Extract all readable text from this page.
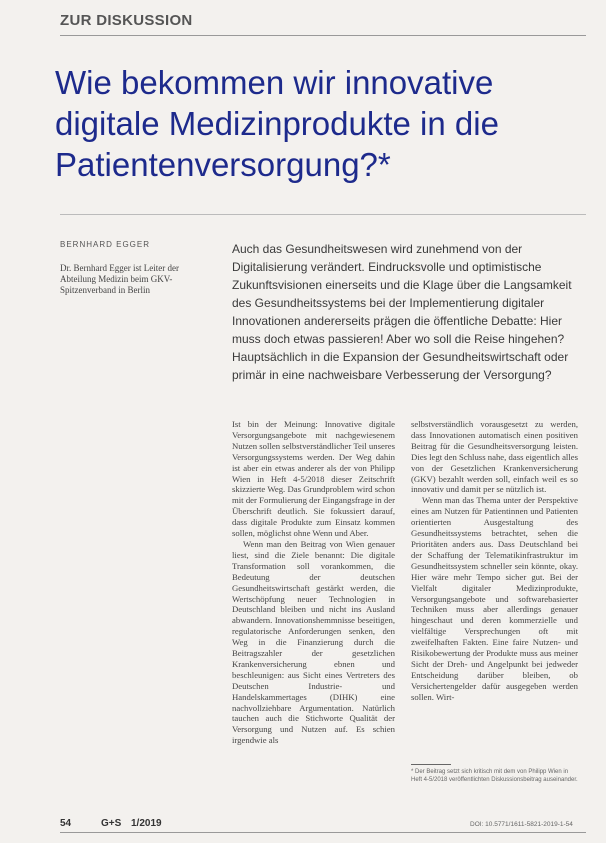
ZUR DISKUSSION
Wie bekommen wir innovative digitale Medizinprodukte in die Patientenversorgung?*
BERNHARD EGGER
Dr. Bernhard Egger ist Leiter der Abteilung Medizin beim GKV-Spitzenverband in Berlin
Auch das Gesundheitswesen wird zunehmend von der Digitalisierung verändert. Eindrucksvolle und optimistische Zukunftsvisionen einerseits und die Klage über die Langsamkeit des Gesundheitssystems bei der Implementierung digitaler Innovationen andererseits prägen die öffentliche Debatte: Hier muss doch etwas passieren! Aber wo soll die Reise hingehen? Hauptsächlich in die Expansion der Gesundheitswirtschaft oder primär in eine nachweisbare Verbesserung der Versorgung?

Ist bin der Meinung: Innovative digitale Versorgungsangebote mit nachgewiesenem Nutzen sollen selbstverständlicher Teil unseres Versorgungssystems werden. Der Weg dahin ist aber ein etwas anderer als der von Philipp Wien in Heft 4-5/2018 dieser Zeitschrift skizzierte Weg. Das Grundproblem wird schon mit der Formulierung der Eingangsfrage in der Überschrift deutlich. Sie fokussiert darauf, dass digitale Produkte zum Einsatz kommen sollen, möglichst ohne Wenn und Aber.

Wenn man den Beitrag von Wien genauer liest, sind die Ziele benannt: Die digitale Transformation soll vorankommen, die Bedeutung der deutschen Gesundheitswirtschaft gestärkt werden, die Wertschöpfung neuer Technologien in Deutschland bleiben und nicht ins Ausland abwandern. Innovationshemmnisse beseitigen, regulatorische Anforderungen senken, den Weg in die Finanzierung durch die Beitragszahler der gesetzlichen Krankenversicherung ebnen und beschleunigen: aus Sicht eines Vertreters des Deutschen Industrie- und Handelskammertages (DIHK) eine nachvollziehbare Argumentation. Natürlich tauchen auch die Stichworte Qualität der Versorgung und Nutzen auf. Es schien irgendwie als

selbstverständlich vorausgesetzt zu werden, dass Innovationen automatisch einen positiven Beitrag für die Gesundheitsversorgung leisten. Dies legt den Schluss nahe, dass eigentlich alles von der Gesetzlichen Krankenversicherung (GKV) bezahlt werden soll, einfach weil es so innovativ und damit per se nützlich ist.

Wenn man das Thema unter der Perspektive eines am Nutzen für Patientinnen und Patienten orientierten Ausgestaltung des Gesundheitssystems betrachtet, sehen die Prioritäten anders aus. Dass Deutschland bei der Schaffung der Telematikinfrastruktur im Gesundheitssystem schneller sein könnte, okay. Hier wäre mehr Tempo sicher gut. Bei der Vielfalt digitaler Medizinprodukte, Versorgungsangebote und softwarebasierter Techniken muss aber allerdings genauer hingeschaut und deren kommerzielle und vielfältige Versprechungen oft mit zweifelhaften Fakten. Eine faire Nutzen- und Risikobewertung der Produkte muss aus meiner Sicht der Dreh- und Angelpunkt bei jedweder Entscheidung darüber bleiben, ob Versichertengelder dafür ausgegeben werden sollen. Wirt-

* Der Beitrag setzt sich kritisch mit dem von Philipp Wien in Heft 4-5/2018 veröffentlichten Diskussionsbeitrag auseinander.
54	G+S 1/2019	DOI: 10.5771/1611-5821-2019-1-54
